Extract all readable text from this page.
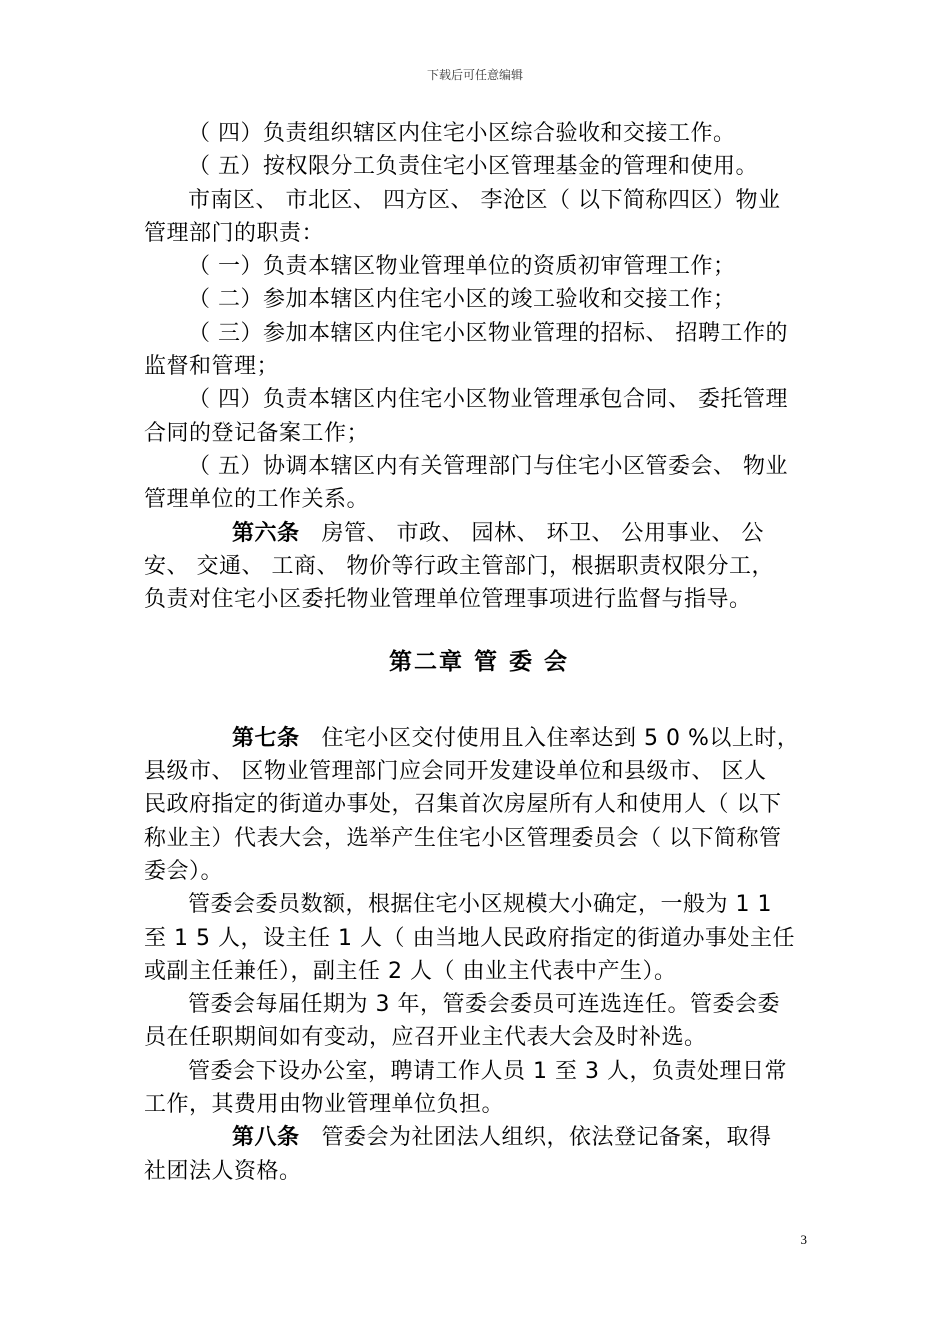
下载后可任意编辑
（ 四）负责组织辖区内住宅小区综合验收和交接工作。
（ 五）按权限分工负责住宅小区管理基金的管理和使用。
市南区、 市北区、 四方区、 李沧区（ 以下简称四区）物业
管理部门的职责：
（ 一）负责本辖区物业管理单位的资质初审管理工作；
（ 二）参加本辖区内住宅小区的竣工验收和交接工作；
（ 三）参加本辖区内住宅小区物业管理的招标、 招聘工作的
监督和管理；
（ 四）负责本辖区内住宅小区物业管理承包合同、 委托管理
合同的登记备案工作；
（ 五）协调本辖区内有关管理部门与住宅小区管委会、 物业
管理单位的工作关系。
第六条 房管、 市政、 园林、 环卫、 公用事业、 公
安、 交通、 工商、 物价等行政主管部门，根据职责权限分工，
负责对住宅小区委托物业管理单位管理事项进行监督与指导。
第二章 管 委 会
第七条 住宅小区交付使用且入住率达到 5 0 %以上时，
县级市、 区物业管理部门应会同开发建设单位和县级市、 区人
民政府指定的街道办事处，召集首次房屋所有人和使用人（ 以下
称业主）代表大会，选举产生住宅小区管理委员会（ 以下简称管
委会）。
管委会委员数额，根据住宅小区规模大小确定，一般为 1 1
至 1 5 人，设主任 1 人（ 由当地人民政府指定的街道办事处主任
或副主任兼任），副主任 2 人（ 由业主代表中产生）。
管委会每届任期为 3 年，管委会委员可连选连任。管委会委
员在任职期间如有变动，应召开业主代表大会及时补选。
管委会下设办公室，聘请工作人员 1 至 3 人，负责处理日常
工作，其费用由物业管理单位负担。
第八条 管委会为社团法人组织，依法登记备案，取得
社团法人资格。
3
